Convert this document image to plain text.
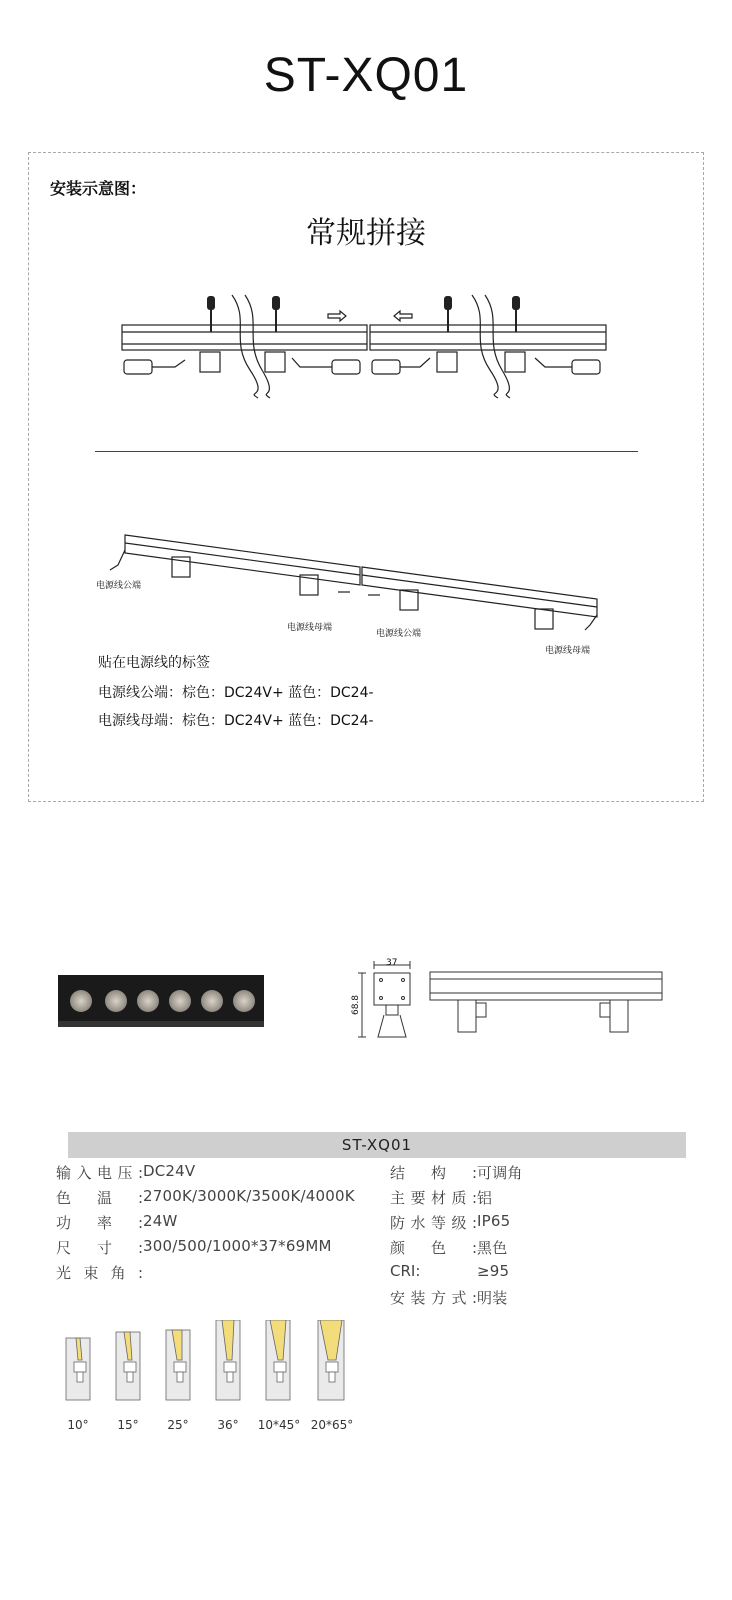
ST-XQ01
安装示意图：
常规拼接
电源线公端
电源线母端
电源线公端
电源线母端
贴在电源线的标签
电源线公端：棕色：DC24V+ 蓝色：DC24-
电源线母端：棕色：DC24V+ 蓝色：DC24-
37
68.8
ST-XQ01
输入电压: DC24V
色温: 2700K/3000K/3500K/4000K
功率: 24W
尺寸: 300/500/1000*37*69MM
光束角:
结构: 可调角
主要材质: 铝
防水等级: IP65
颜色: 黑色
CRI:	≥95
安装方式: 明装
10°	15°	25°	36°	10*45° 20*65°
